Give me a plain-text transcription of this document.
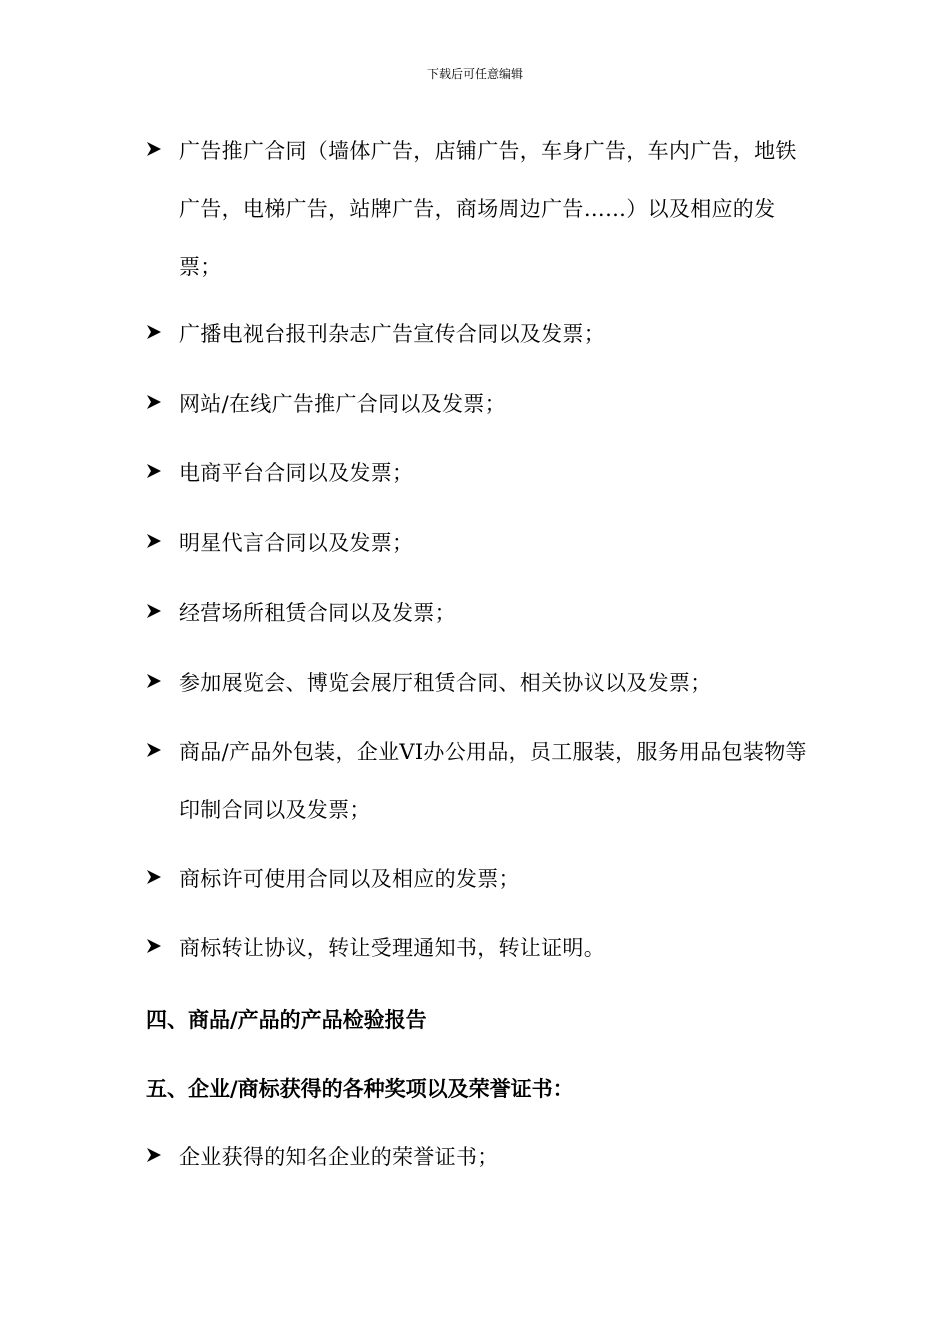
下载后可任意编辑
广告推广合同（墙体广告，店铺广告，车身广告，车内广告，地铁广告，电梯广告，站牌广告，商场周边广告……）以及相应的发票；
广播电视台报刊杂志广告宣传合同以及发票；
网站/在线广告推广合同以及发票；
电商平台合同以及发票；
明星代言合同以及发票；
经营场所租赁合同以及发票；
参加展览会、博览会展厅租赁合同、相关协议以及发票；
商品/产品外包装，企业VI办公用品，员工服装，服务用品包装物等印制合同以及发票；
商标许可使用合同以及相应的发票；
商标转让协议，转让受理通知书，转让证明。
四、商品/产品的产品检验报告
五、企业/商标获得的各种奖项以及荣誉证书：
企业获得的知名企业的荣誉证书；
